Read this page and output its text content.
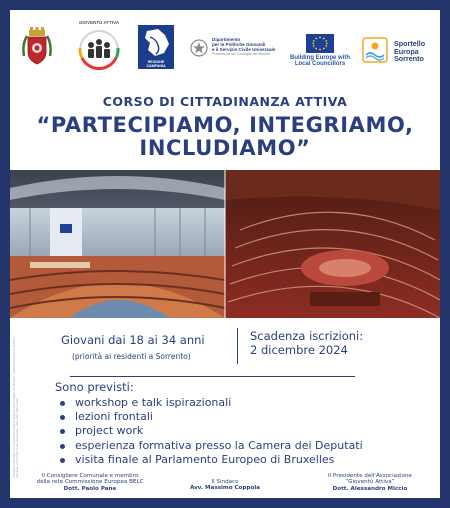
GIOVENTÙ ATTIVA
REGIONE CAMPANIA
Dipartimento
per le Politiche Giovanili
e il Servizio Civile Universale
Presidenza del Consiglio dei Ministri
Building Europe with
Local Councillors
Sportello
Europa
Sorrento
CORSO DI CITTADINANZA ATTIVA
“PARTECIPIAMO, INTEGRIAMO,
INCLUDIAMO”
Giovani dai 18 ai 34 anni
(priorità ai residenti a Sorrento)
Scadenza iscrizioni:
2 dicembre 2024
Sono previsti:
workshop e talk ispirazionali
lezioni frontali
project work
esperienza formativa presso la Camera dei Deputati
visita finale al Parlamento Europeo di Bruxelles
Iniziativa realizzata con il contributo della Presidenza del Consiglio dei Ministri – Dipartimento per le Politiche Giovanili e il Servizio Civile Universale – Gioventù Attiva 2023	Il Consigliere Comunale e membro
della rete Commissione Europea BELC
Dott. Paolo Pane
Il Sindaco
Avv. Massimo Coppola
Il Presidente dell'Associazione
“Gioventù Attiva”
Dott. Alessandro Miccio
